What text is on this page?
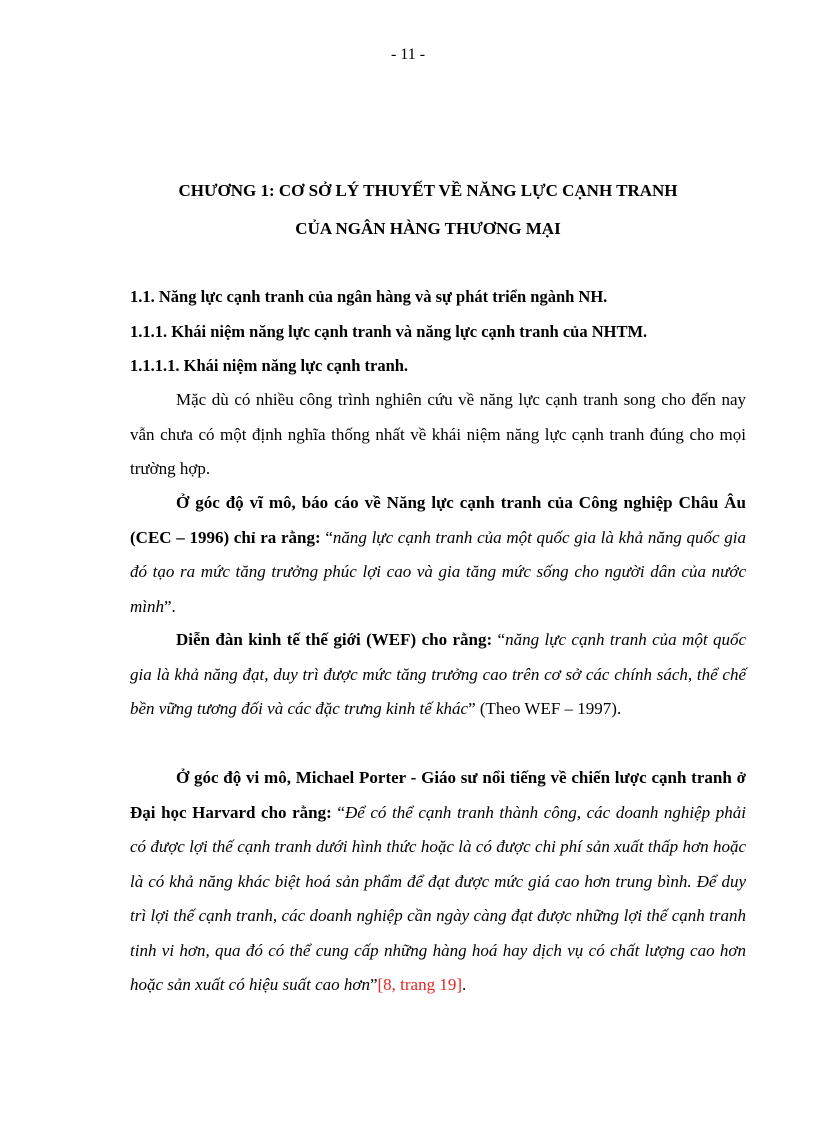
- 11 -
CHƯƠNG 1: CƠ SỞ LÝ THUYẾT VỀ NĂNG LỰC CẠNH TRANH
CỦA NGÂN HÀNG THƯƠNG MẠI
1.1. Năng lực cạnh tranh của ngân hàng và sự phát triển ngành NH.
1.1.1. Khái niệm năng lực cạnh tranh và năng lực cạnh tranh của NHTM.
1.1.1.1. Khái niệm năng lực cạnh tranh.

Mặc dù có nhiều công trình nghiên cứu về năng lực cạnh tranh song cho đến nay vẫn chưa có một định nghĩa thống nhất về khái niệm năng lực cạnh tranh đúng cho mọi trường hợp.

Ở góc độ vĩ mô, báo cáo về Năng lực cạnh tranh của Công nghiệp Châu Âu (CEC – 1996) chỉ ra rằng: “năng lực cạnh tranh của một quốc gia là khả năng quốc gia đó tạo ra mức tăng trưởng phúc lợi cao và gia tăng mức sống cho người dân của nước mình”.

Diễn đàn kinh tế thế giới (WEF) cho rằng: “năng lực cạnh tranh của một quốc gia là khả năng đạt, duy trì được mức tăng trưởng cao trên cơ sở các chính sách, thể chế bền vững tương đối và các đặc trưng kinh tế khác” (Theo WEF – 1997).

Ở góc độ vi mô, Michael Porter - Giáo sư nổi tiếng về chiến lược cạnh tranh ở Đại học Harvard cho rằng: “Để có thể cạnh tranh thành công, các doanh nghiệp phải có được lợi thế cạnh tranh dưới hình thức hoặc là có được chi phí sản xuất thấp hơn hoặc là có khả năng khác biệt hoá sản phẩm để đạt được mức giá cao hơn trung bình. Để duy trì lợi thế cạnh tranh, các doanh nghiệp cần ngày càng đạt được những lợi thế cạnh tranh tinh vi hơn, qua đó có thể cung cấp những hàng hoá hay dịch vụ có chất lượng cao hơn hoặc sản xuất có hiệu suất cao hơn”[8, trang 19].
